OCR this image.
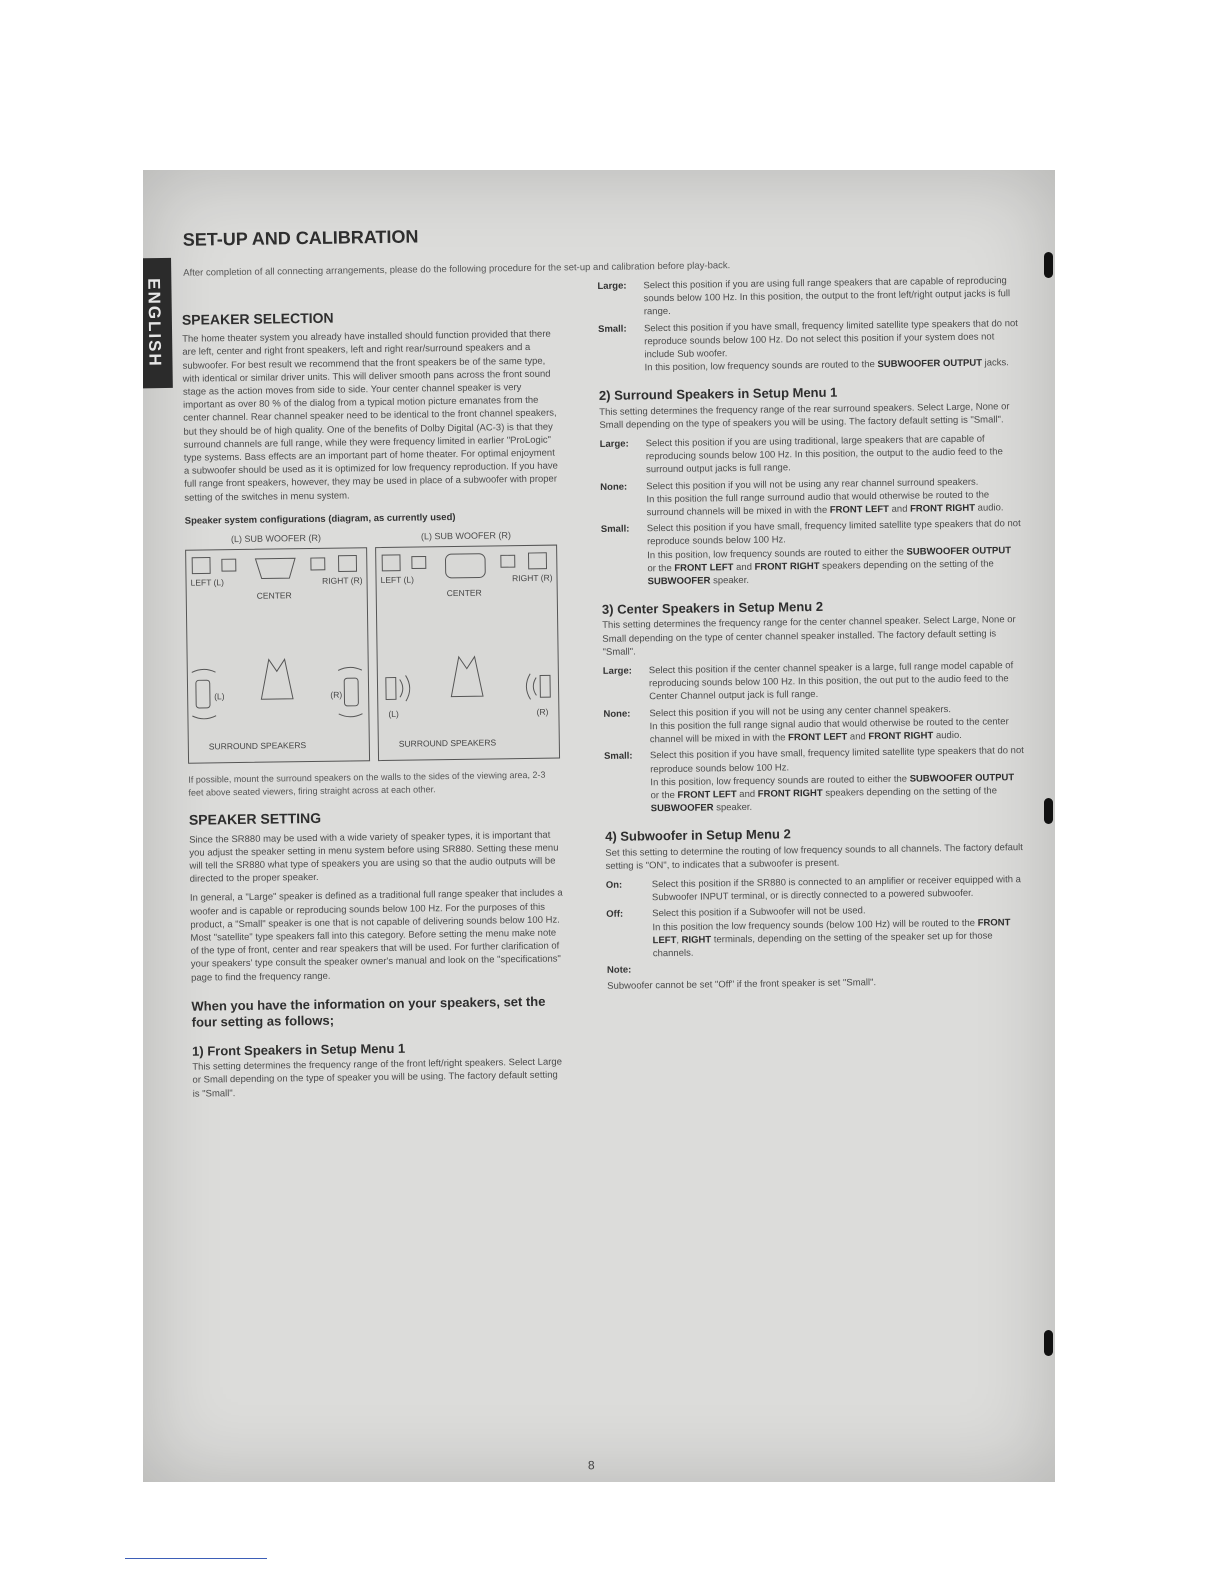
ENGLISH
SET-UP AND CALIBRATION
After completion of all connecting arrangements, please do the following procedure for the set-up and calibration before play-back.
SPEAKER SELECTION

The home theater system you already have installed should function provided that there are left, center and right front speakers, left and right rear/surround speakers and a subwoofer. For best result we recommend that the front speakers be of the same type, with identical or similar driver units. This will deliver smooth pans across the front sound stage as the action moves from side to side. Your center channel speaker is very important as over 80 % of the dialog from a typical motion picture emanates from the center channel. Rear channel speaker need to be identical to the front channel speakers, but they should be of high quality. One of the benefits of Dolby Digital (AC-3) is that they surround channels are full range, while they were frequency limited in earlier "ProLogic" type systems. Bass effects are an important part of home theater. For optimal enjoyment a subwoofer should be used as it is optimized for low frequency reproduction. If you have full range front speakers, however, they may be used in place of a subwoofer with proper setting of the switches in menu system.

Speaker system configurations (diagram, as currently used)
(L) SUB WOOFER (R)
LEFT (L)	RIGHT (R)
CENTER
(L)	(R)
SURROUND SPEAKERS
(L) SUB WOOFER (R)
LEFT (L)	RIGHT (R)
CENTER
(L)	(R)
SURROUND SPEAKERS
If possible, mount the surround speakers on the walls to the sides of the viewing area, 2-3 feet above seated viewers, firing straight across at each other.
SPEAKER SETTING

Since the SR880 may be used with a wide variety of speaker types, it is important that you adjust the speaker setting in menu system before using SR880. Setting these menu will tell the SR880 what type of speakers you are using so that the audio outputs will be directed to the proper speaker.

In general, a "Large" speaker is defined as a traditional full range speaker that includes a woofer and is capable or reproducing sounds below 100 Hz. For the purposes of this product, a "Small" speaker is one that is not capable of delivering sounds below 100 Hz. Most "satellite" type speakers fall into this category. Before setting the menu make note of the type of front, center and rear speakers that will be used. For further clarification of your speakers' type consult the speaker owner's manual and look on the "specifications" page to find the frequency range.

When you have the information on your speakers, set the four setting as follows;
1) Front Speakers in Setup Menu 1

This setting determines the frequency range of the front left/right speakers. Select Large or Small depending on the type of speaker you will be using. The factory default setting is "Small".

Large:	Select this position if you are using full range speakers that are capable of reproducing sounds below 100 Hz. In this position, the output to the front left/right output jacks is full range.
Small:	Select this position if you have small, frequency limited satellite type speakers that do not reproduce sounds below 100 Hz. Do not select this position if your system does not include Sub woofer.
In this position, low frequency sounds are routed to the SUBWOOFER OUTPUT jacks.
2) Surround Speakers in Setup Menu 1

This setting determines the frequency range of the rear surround speakers. Select Large, None or Small depending on the type of speakers you will be using. The factory default setting is "Small".

Large:	Select this position if you are using traditional, large speakers that are capable of reproducing sounds below 100 Hz. In this position, the output to the audio feed to the surround output jacks is full range.
None:	Select this position if you will not be using any rear channel surround speakers.
In this position the full range surround audio that would otherwise be routed to the surround channels will be mixed in with the FRONT LEFT and FRONT RIGHT audio.
Small:	Select this position if you have small, frequency limited satellite type speakers that do not reproduce sounds below 100 Hz.
In this position, low frequency sounds are routed to either the SUBWOOFER OUTPUT or the FRONT LEFT and FRONT RIGHT speakers depending on the setting of the SUBWOOFER speaker.
3) Center Speakers in Setup Menu 2

This setting determines the frequency range for the center channel speaker. Select Large, None or Small depending on the type of center channel speaker installed. The factory default setting is "Small".

Large:	Select this position if the center channel speaker is a large, full range model capable of reproducing sounds below 100 Hz. In this position, the out put to the audio feed to the Center Channel output jack is full range.
None:	Select this position if you will not be using any center channel speakers.
In this position the full range signal audio that would otherwise be routed to the center channel will be mixed in with the FRONT LEFT and FRONT RIGHT audio.
Small:	Select this position if you have small, frequency limited satellite type speakers that do not reproduce sounds below 100 Hz.
In this position, low frequency sounds are routed to either the SUBWOOFER OUTPUT or the FRONT LEFT and FRONT RIGHT speakers depending on the setting of the SUBWOOFER speaker.
4) Subwoofer in Setup Menu 2

Set this setting to determine the routing of low frequency sounds to all channels. The factory default setting is "ON", to indicates that a subwoofer is present.

On:	Select this position if the SR880 is connected to an amplifier or receiver equipped with a Subwoofer INPUT terminal, or is directly connected to a powered subwoofer.
Off:	Select this position if a Subwoofer will not be used.
In this position the low frequency sounds (below 100 Hz) will be routed to the FRONT LEFT, RIGHT terminals, depending on the setting of the speaker set up for those channels.
Note:

Subwoofer cannot be set "Off" if the front speaker is set "Small".

8
